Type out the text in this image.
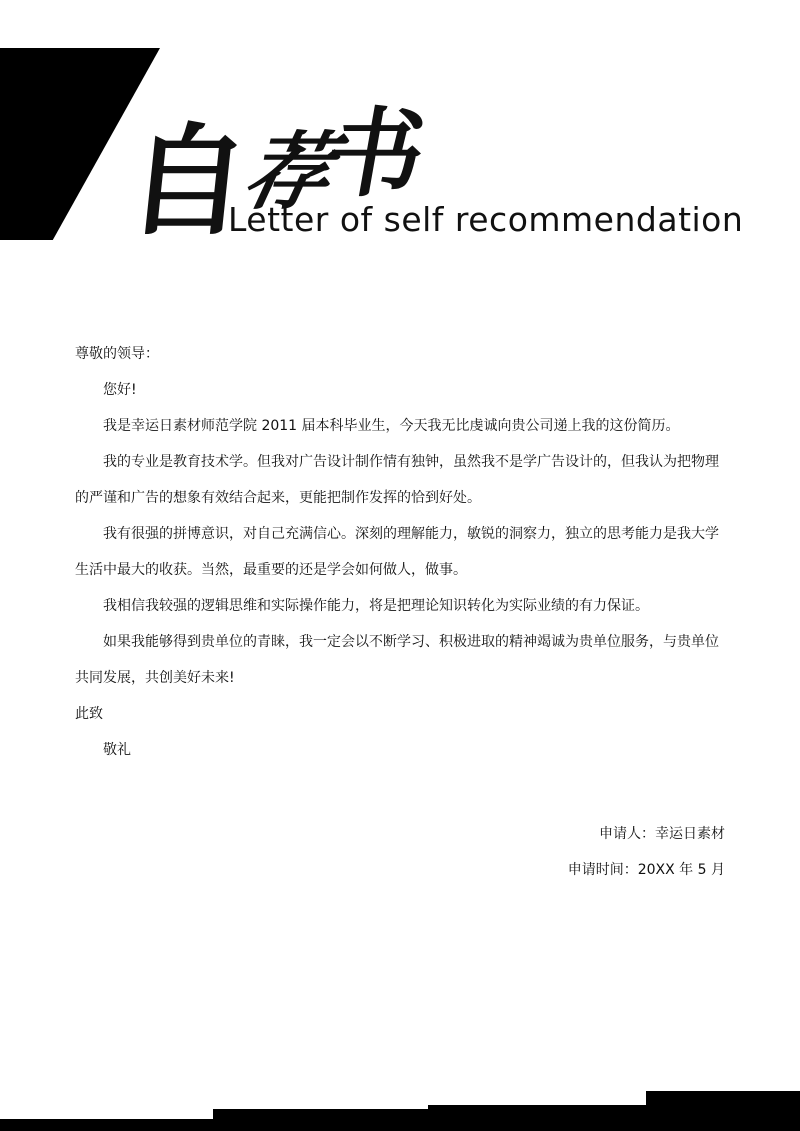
自
荐
书
Letter of self recommendation

尊敬的领导：

您好!

我是幸运日素材师范学院 2011 届本科毕业生，今天我无比虔诚向贵公司递上我的这份简历。

我的专业是教育技术学。但我对广告设计制作情有独钟，虽然我不是学广告设计的，但我认为把物理的严谨和广告的想象有效结合起来，更能把制作发挥的恰到好处。

我有很强的拼博意识，对自己充满信心。深刻的理解能力，敏锐的洞察力，独立的思考能力是我大学生活中最大的收获。当然，最重要的还是学会如何做人，做事。

我相信我较强的逻辑思维和实际操作能力，将是把理论知识转化为实际业绩的有力保证。

如果我能够得到贵单位的青睐，我一定会以不断学习、积极进取的精神竭诚为贵单位服务，与贵单位共同发展，共创美好未来!

此致

敬礼

申请人：幸运日素材
申请时间：20XX 年 5 月
